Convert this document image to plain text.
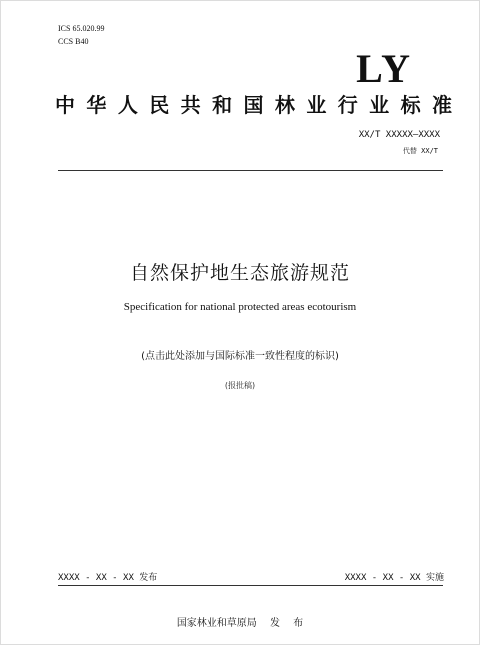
ICS 65.020.99
CCS B40
LY
中 华 人 民 共 和 国 林 业 行 业 标 准
XX/T XXXXX—XXXX
代替 XX/T
自然保护地生态旅游规范
Specification for national protected areas ecotourism
(点击此处添加与国际标准一致性程度的标识)
(报批稿)
XXXX - XX - XX 发布	XXXX - XX - XX 实施
国家林业和草原局 发 布
